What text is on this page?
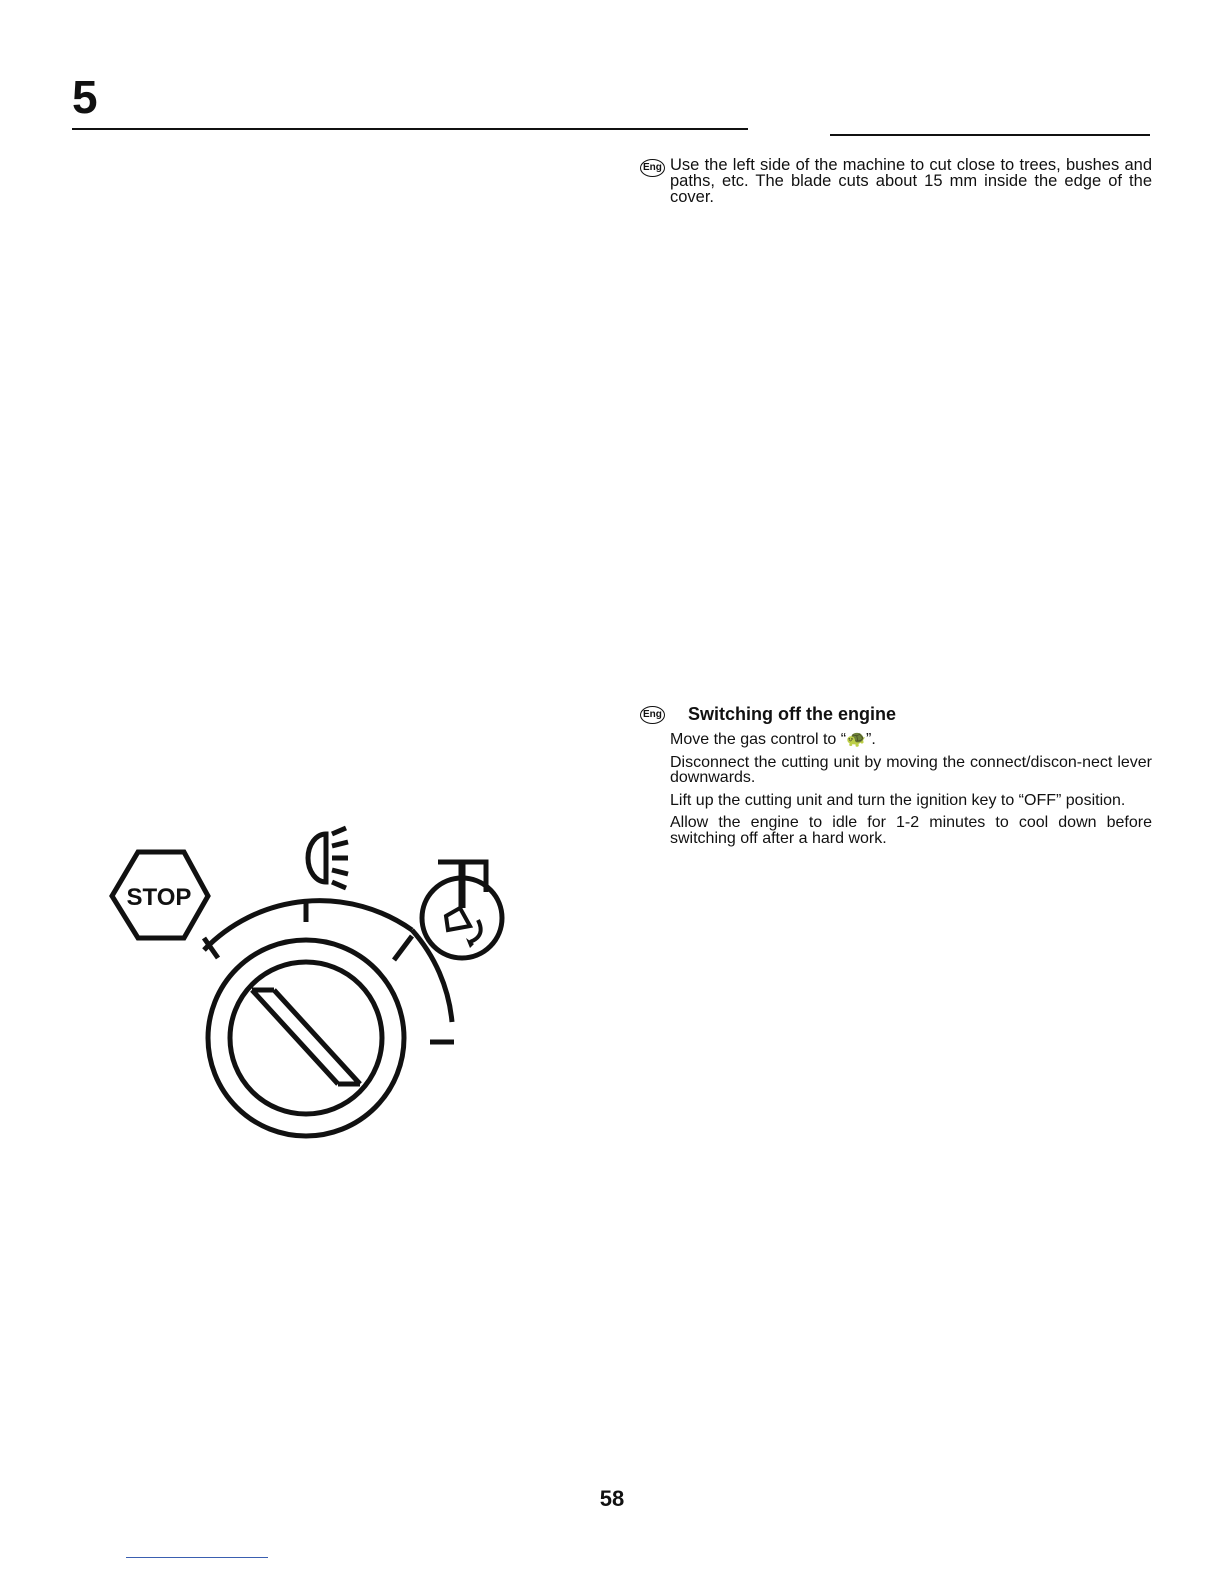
5
Eng Use the left side of the machine to cut close to trees, bushes and paths, etc. The blade cuts about 15 mm inside the edge of the cover.

Eng Switching off the engine

Move the gas control to “🐢”.

Disconnect the cutting unit by moving the connect/discon-nect lever downwards.

Lift up the cutting unit and turn the ignition key to “OFF” position.

Allow the engine to idle for 1-2 minutes to cool down before switching off after a hard work.

STOP
58
